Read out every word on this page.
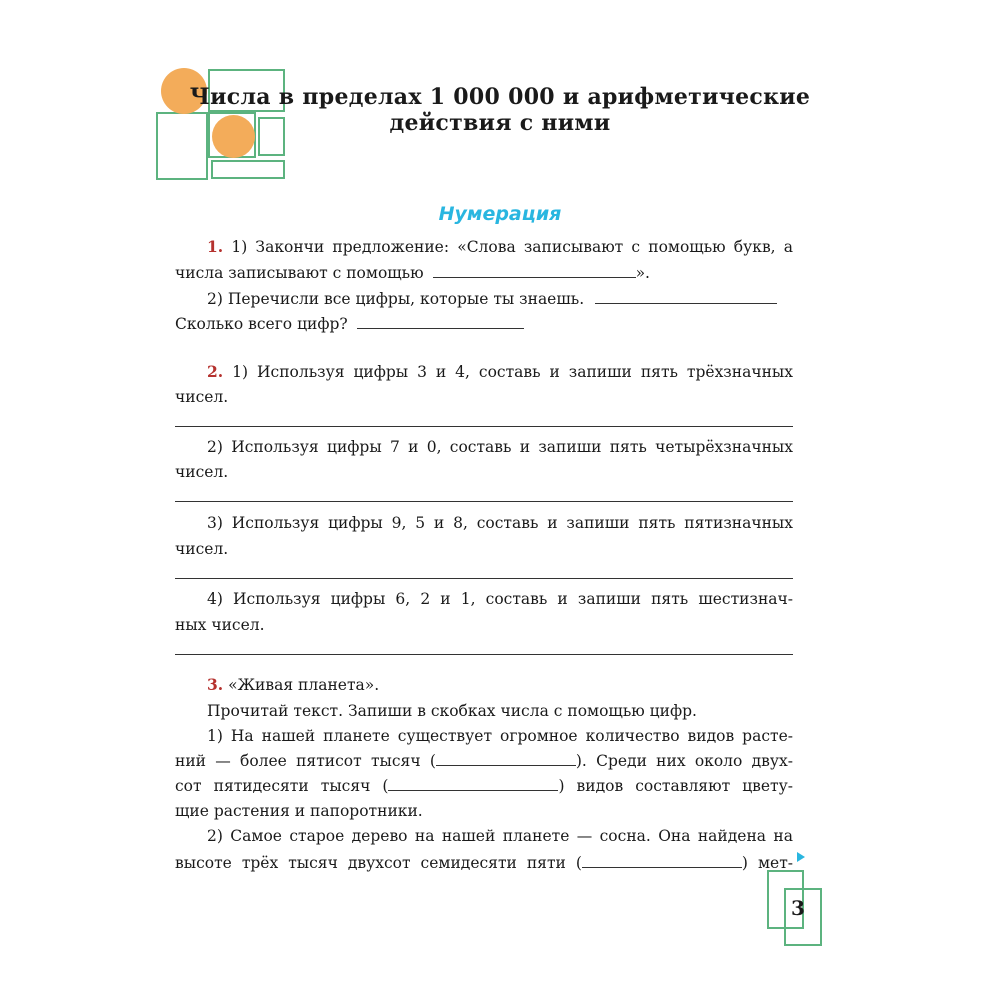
Числа в пределах 1 000 000 и арифметические
действия с ними
Нумерация
1. 1) Закончи предложение: «Слова записывают с помощью букв, а
числа записывают с помощью	».
2) Перечисли все цифры, которые ты знаешь.
Сколько всего цифр?
2. 1) Используя цифры 3 и 4, составь и запиши пять трёхзначных
чисел.
2) Используя цифры 7 и 0, составь и запиши пять четырёхзначных
чисел.
3) Используя цифры 9, 5 и 8, составь и запиши пять пятизначных
чисел.
4) Используя цифры 6, 2 и 1, составь и запиши пять шестизнач-
ных чисел.
3. «Живая планета».
Прочитай текст. Запиши в скобках числа с помощью цифр.
1) На нашей планете существует огромное количество видов расте-
ний — более пятисот тысяч (	). Среди них около двух-
сот пятидесяти тысяч (	) видов составляют цвету-
щие растения и папоротники.
2) Самое старое дерево на нашей планете — сосна. Она найдена на
высоте трёх тысяч двухсот семидесяти пяти (	) мет-
3
